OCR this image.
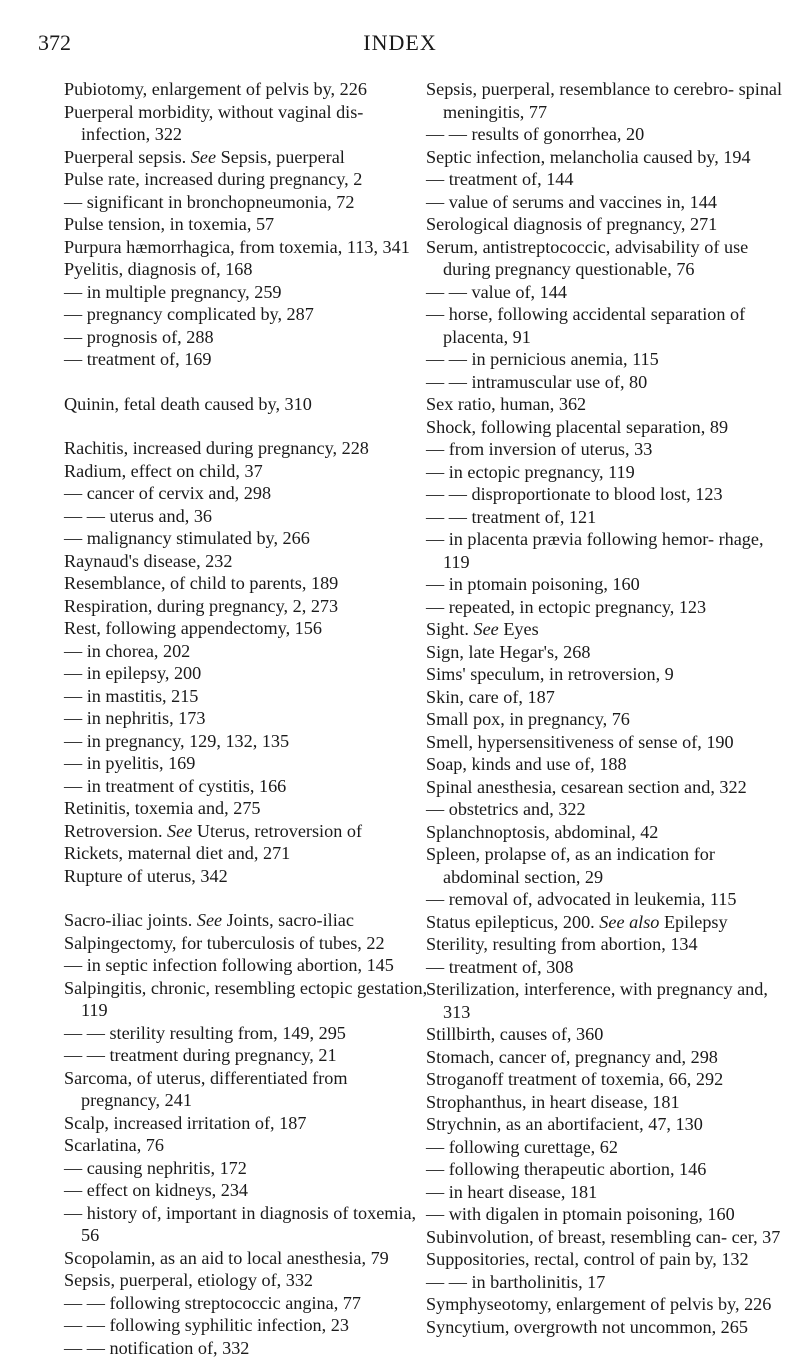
372	INDEX

Pubiotomy, enlargement of pelvis by, 226

Puerperal morbidity, without vaginal dis- infection, 322

Puerperal sepsis. See Sepsis, puerperal

Pulse rate, increased during pregnancy, 2

— significant in bronchopneumonia, 72

Pulse tension, in toxemia, 57

Purpura hæmorrhagica, from toxemia, 113, 341

Pyelitis, diagnosis of, 168

— in multiple pregnancy, 259

— pregnancy complicated by, 287

— prognosis of, 288

— treatment of, 169

Quinin, fetal death caused by, 310

Rachitis, increased during pregnancy, 228

Radium, effect on child, 37

— cancer of cervix and, 298

— — uterus and, 36

— malignancy stimulated by, 266

Raynaud's disease, 232

Resemblance, of child to parents, 189

Respiration, during pregnancy, 2, 273

Rest, following appendectomy, 156

— in chorea, 202

— in epilepsy, 200

— in mastitis, 215

— in nephritis, 173

— in pregnancy, 129, 132, 135

— in pyelitis, 169

— in treatment of cystitis, 166

Retinitis, toxemia and, 275

Retroversion. See Uterus, retroversion of

Rickets, maternal diet and, 271

Rupture of uterus, 342

Sacro-iliac joints. See Joints, sacro-iliac

Salpingectomy, for tuberculosis of tubes, 22

— in septic infection following abortion, 145

Salpingitis, chronic, resembling ectopic gestation, 119

— — sterility resulting from, 149, 295

— — treatment during pregnancy, 21

Sarcoma, of uterus, differentiated from pregnancy, 241

Scalp, increased irritation of, 187

Scarlatina, 76

— causing nephritis, 172

— effect on kidneys, 234

— history of, important in diagnosis of toxemia, 56

Scopolamin, as an aid to local anesthesia, 79

Sepsis, puerperal, etiology of, 332

— — following streptococcic angina, 77

— — following syphilitic infection, 23

— — notification of, 332

Sepsis, puerperal, resemblance to cerebro- spinal meningitis, 77

— — results of gonorrhea, 20

Septic infection, melancholia caused by, 194

— treatment of, 144

— value of serums and vaccines in, 144

Serological diagnosis of pregnancy, 271

Serum, antistreptococcic, advisability of use during pregnancy questionable, 76

— — value of, 144

— horse, following accidental separation of placenta, 91

— — in pernicious anemia, 115

— — intramuscular use of, 80

Sex ratio, human, 362

Shock, following placental separation, 89

— from inversion of uterus, 33

— in ectopic pregnancy, 119

— — disproportionate to blood lost, 123

— — treatment of, 121

— in placenta prævia following hemor- rhage, 119

— in ptomain poisoning, 160

— repeated, in ectopic pregnancy, 123

Sight. See Eyes

Sign, late Hegar's, 268

Sims' speculum, in retroversion, 9

Skin, care of, 187

Small pox, in pregnancy, 76

Smell, hypersensitiveness of sense of, 190

Soap, kinds and use of, 188

Spinal anesthesia, cesarean section and, 322

— obstetrics and, 322

Splanchnoptosis, abdominal, 42

Spleen, prolapse of, as an indication for abdominal section, 29

— removal of, advocated in leukemia, 115

Status epilepticus, 200. See also Epilepsy

Sterility, resulting from abortion, 134

— treatment of, 308

Sterilization, interference, with pregnancy and, 313

Stillbirth, causes of, 360

Stomach, cancer of, pregnancy and, 298

Stroganoff treatment of toxemia, 66, 292

Strophanthus, in heart disease, 181

Strychnin, as an abortifacient, 47, 130

— following curettage, 62

— following therapeutic abortion, 146

— in heart disease, 181

— with digalen in ptomain poisoning, 160

Subinvolution, of breast, resembling can- cer, 37

Suppositories, rectal, control of pain by, 132

— — in bartholinitis, 17

Symphyseotomy, enlargement of pelvis by, 226

Syncytium, overgrowth not uncommon, 265
